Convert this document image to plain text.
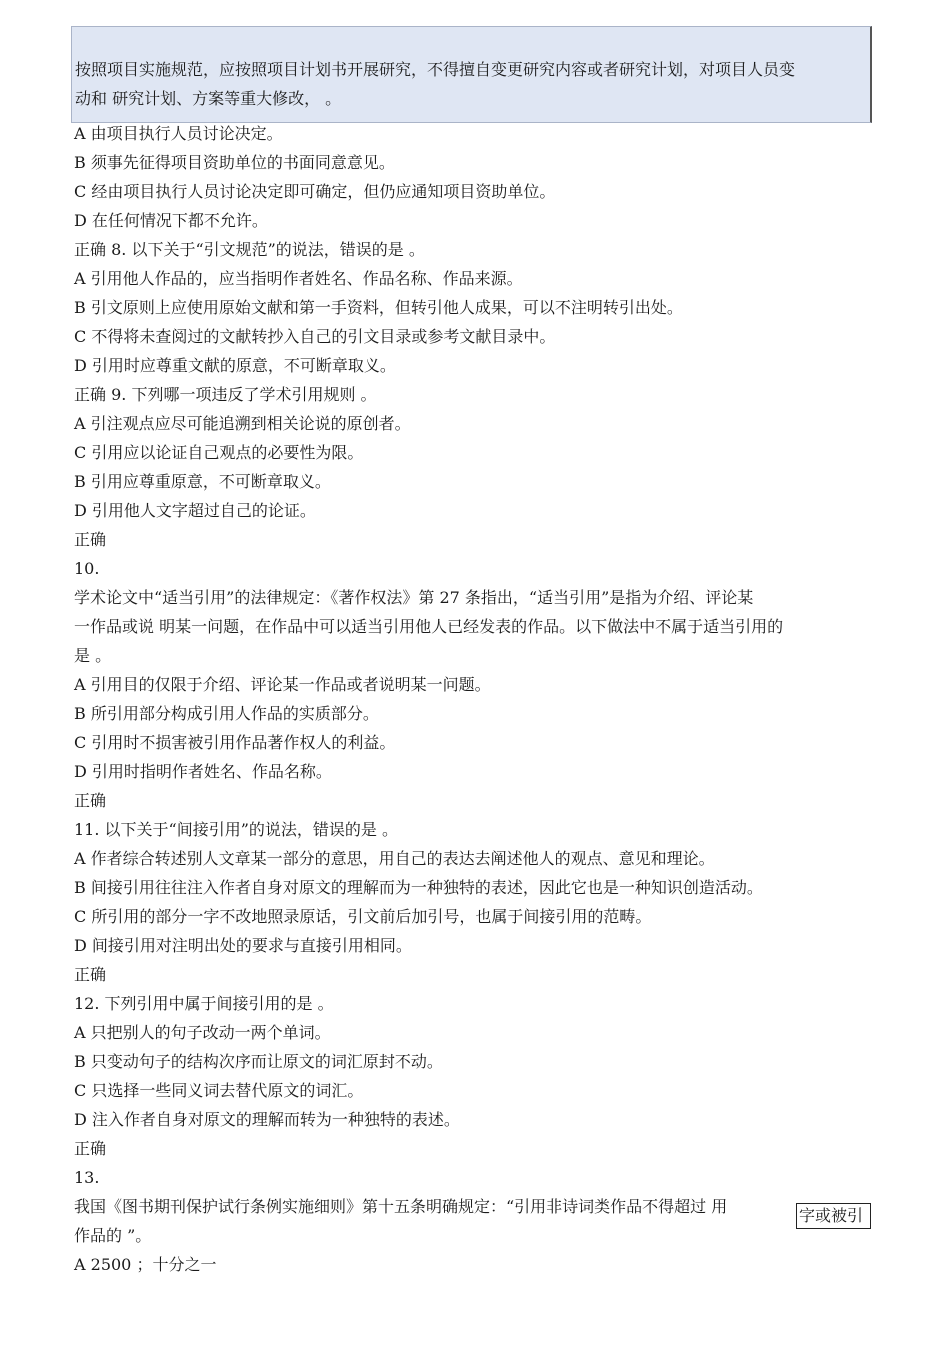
按照项目实施规范，应按照项目计划书开展研究，不得擅自变更研究内容或者研究计划，对项目人员变
动和 研究计划、方案等重大修改， 。
A 由项目执行人员讨论决定。
B 须事先征得项目资助单位的书面同意意见。
C 经由项目执行人员讨论决定即可确定，但仍应通知项目资助单位。
D 在任何情况下都不允许。
正确 8. 以下关于“引文规范”的说法，错误的是 。
A 引用他人作品的，应当指明作者姓名、作品名称、作品来源。
B 引文原则上应使用原始文献和第一手资料，但转引他人成果，可以不注明转引出处。
C 不得将未查阅过的文献转抄入自己的引文目录或参考文献目录中。
D 引用时应尊重文献的原意，不可断章取义。
正确 9. 下列哪一项违反了学术引用规则 。
A 引注观点应尽可能追溯到相关论说的原创者。
C 引用应以论证自己观点的必要性为限。
B 引用应尊重原意，不可断章取义。
D 引用他人文字超过自己的论证。
正确
10.
学术论文中“适当引用”的法律规定：《著作权法》第 27 条指出，“适当引用”是指为介绍、评论某
一作品或说 明某一问题，在作品中可以适当引用他人已经发表的作品。以下做法中不属于适当引用的
是 。
A 引用目的仅限于介绍、评论某一作品或者说明某一问题。
B 所引用部分构成引用人作品的实质部分。
C 引用时不损害被引用作品著作权人的利益。
D 引用时指明作者姓名、作品名称。
正确
11. 以下关于“间接引用”的说法，错误的是 。
A 作者综合转述别人文章某一部分的意思，用自己的表达去阐述他人的观点、意见和理论。
B 间接引用往往注入作者自身对原文的理解而为一种独特的表述，因此它也是一种知识创造活动。
C 所引用的部分一字不改地照录原话，引文前后加引号，也属于间接引用的范畴。
D 间接引用对注明出处的要求与直接引用相同。
正确
12. 下列引用中属于间接引用的是 。
A 只把别人的句子改动一两个单词。
B 只变动句子的结构次序而让原文的词汇原封不动。
C 只选择一些同义词去替代原文的词汇。
D 注入作者自身对原文的理解而转为一种独特的表述。
正确
13.
我国《图书期刊保护试行条例实施细则》第十五条明确规定：“引用非诗词类作品不得超过 用
作品的 ”。
A 2500 ；十分之一
字或被引
